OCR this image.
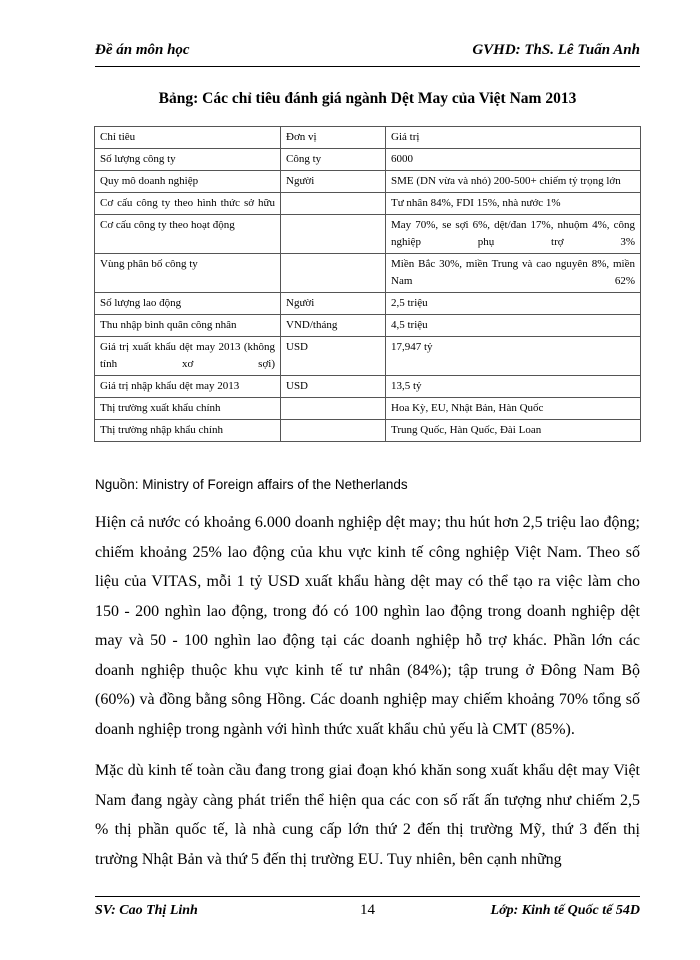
Đề án môn học	GVHD: ThS. Lê Tuấn Anh
Bảng: Các chỉ tiêu đánh giá ngành Dệt May của Việt Nam 2013
Chỉ tiêu	Đơn vị	Giá trị
Số lượng công ty	Công ty	6000
Quy mô doanh nghiệp	Người	SME (DN vừa và nhỏ) 200-500+ chiếm tỷ trọng lớn
Cơ cấu công ty theo hình thức sở hữu		Tư nhân 84%, FDI 15%, nhà nước 1%
Cơ cấu công ty theo hoạt động		May 70%, se sợi 6%, dệt/đan 17%, nhuộm 4%, công nghiệp phụ trợ 3%
Vùng phân bố công ty		Miền Bắc 30%, miền Trung và cao nguyên 8%, miền Nam 62%
Số lượng lao động	Người	2,5 triệu
Thu nhập bình quân công nhân	VND/tháng	4,5 triệu
Giá trị xuất khẩu dệt may 2013 (không tính xơ sợi)	USD	17,947 tỷ
Giá trị nhập khẩu dệt may 2013	USD	13,5 tỷ
Thị trường xuất khẩu chính		Hoa Kỳ, EU, Nhật Bản, Hàn Quốc
Thị trường nhập khẩu chính		Trung Quốc, Hàn Quốc, Đài Loan
Nguồn: Ministry of Foreign affairs of the Netherlands

Hiện cả nước có khoảng 6.000 doanh nghiệp dệt may; thu hút hơn 2,5 triệu lao động; chiếm khoảng 25% lao động của khu vực kinh tế công nghiệp Việt Nam. Theo số liệu của VITAS, mỗi 1 tỷ USD xuất khẩu hàng dệt may có thể tạo ra việc làm cho 150 - 200 nghìn lao động, trong đó có 100 nghìn lao động trong doanh nghiệp dệt may và 50 - 100 nghìn lao động tại các doanh nghiệp hỗ trợ khác. Phần lớn các doanh nghiệp thuộc khu vực kinh tế tư nhân (84%); tập trung ở Đông Nam Bộ (60%) và đồng bằng sông Hồng. Các doanh nghiệp may chiếm khoảng 70% tổng số doanh nghiệp trong ngành với hình thức xuất khẩu chủ yếu là CMT (85%).

Mặc dù kinh tế toàn cầu đang trong giai đoạn khó khăn song xuất khẩu dệt may Việt Nam đang ngày càng phát triển thể hiện qua các con số rất ấn tượng như chiếm 2,5 % thị phần quốc tế, là nhà cung cấp lớn thứ 2 đến thị trường Mỹ, thứ 3 đến thị trường Nhật Bản và thứ 5 đến thị trường EU. Tuy nhiên, bên cạnh những

SV: Cao Thị Linh	14	Lớp: Kinh tế Quốc tế 54D
